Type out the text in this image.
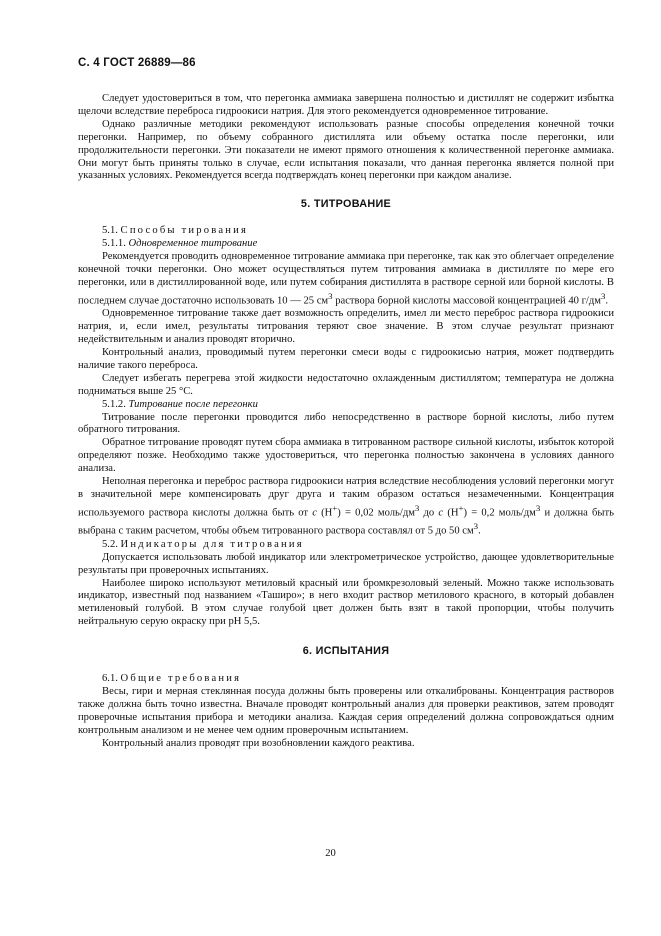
С. 4 ГОСТ 26889—86

Следует удостовериться в том, что перегонка аммиака завершена полностью и дистиллят не содержит избытка щелочи вследствие переброса гидроокиси натрия. Для этого рекомендуется одновременное титрование.

Однако различные методики рекомендуют использовать разные способы определения конечной точки перегонки. Например, по объему собранного дистиллята или объему остатка после перегонки, или продолжительности перегонки. Эти показатели не имеют прямого отношения к количественной перегонке аммиака. Они могут быть приняты только в случае, если испытания показали, что данная перегонка является полной при указанных условиях. Рекомендуется всегда подтверждать конец перегонки при каждом анализе.

5. ТИТРОВАНИЕ

5.1. Способы тирования

5.1.1. Одновременное титрование

Рекомендуется проводить одновременное титрование аммиака при перегонке, так как это облегчает определение конечной точки перегонки. Оно может осуществляться путем титрования аммиака в дистилляте по мере его перегонки, или в дистиллированной воде, или путем собирания дистиллята в растворе серной или борной кислоты. В последнем случае достаточно использовать 10 — 25 $см^3$ раствора борной кислоты массовой концентрацией 40 $г/дм^3$.

Одновременное титрование также дает возможность определить, имел ли место переброс раствора гидроокиси натрия, и, если имел, результаты титрования теряют свое значение. В этом случае результат признают недействительным и анализ проводят вторично.

Контрольный анализ, проводимый путем перегонки смеси воды с гидроокисью натрия, может подтвердить наличие такого переброса.

Следует избегать перегрева этой жидкости недостаточно охлажденным дистиллятом; температура не должна подниматься выше 25 °С.

5.1.2. Титрование после перегонки

Титрование после перегонки проводится либо непосредственно в растворе борной кислоты, либо путем обратного титрования.

Обратное титрование проводят путем сбора аммиака в титрованном растворе сильной кислоты, избыток которой определяют позже. Необходимо также удостовериться, что перегонка полностью закончена в условиях данного анализа.

Неполная перегонка и переброс раствора гидроокиси натрия вследствие несоблюдения условий перегонки могут в значительной мере компенсировать друг друга и таким образом остаться незамеченными. Концентрация используемого раствора кислоты должна быть от с (Н+) = 0,02 моль/$дм^3$ до с (Н+) = 0,2 моль/$дм^3$ и должна быть выбрана с таким расчетом, чтобы объем титрованного раствора составлял от 5 до 50 $см^3$.

5.2. Индикаторы для титрования

Допускается использовать любой индикатор или электрометрическое устройство, дающее удовлетворительные результаты при проверочных испытаниях.

Наиболее широко используют метиловый красный или бромкрезоловый зеленый. Можно также использовать индикатор, известный под названием «Таширо»; в него входит раствор метилового красного, в который добавлен метиленовый голубой. В этом случае голубой цвет должен быть взят в такой пропорции, чтобы получить нейтральную серую окраску при рН 5,5.

6. ИСПЫТАНИЯ

6.1. Общие требования

Весы, гири и мерная стеклянная посуда должны быть проверены или откалиброваны. Концентрация растворов также должна быть точно известна. Вначале проводят контрольный анализ для проверки реактивов, затем проводят проверочные испытания прибора и методики анализа. Каждая серия определений должна сопровождаться одним контрольным анализом и не менее чем одним проверочным испытанием.

Контрольный анализ проводят при возобновлении каждого реактива.

20
